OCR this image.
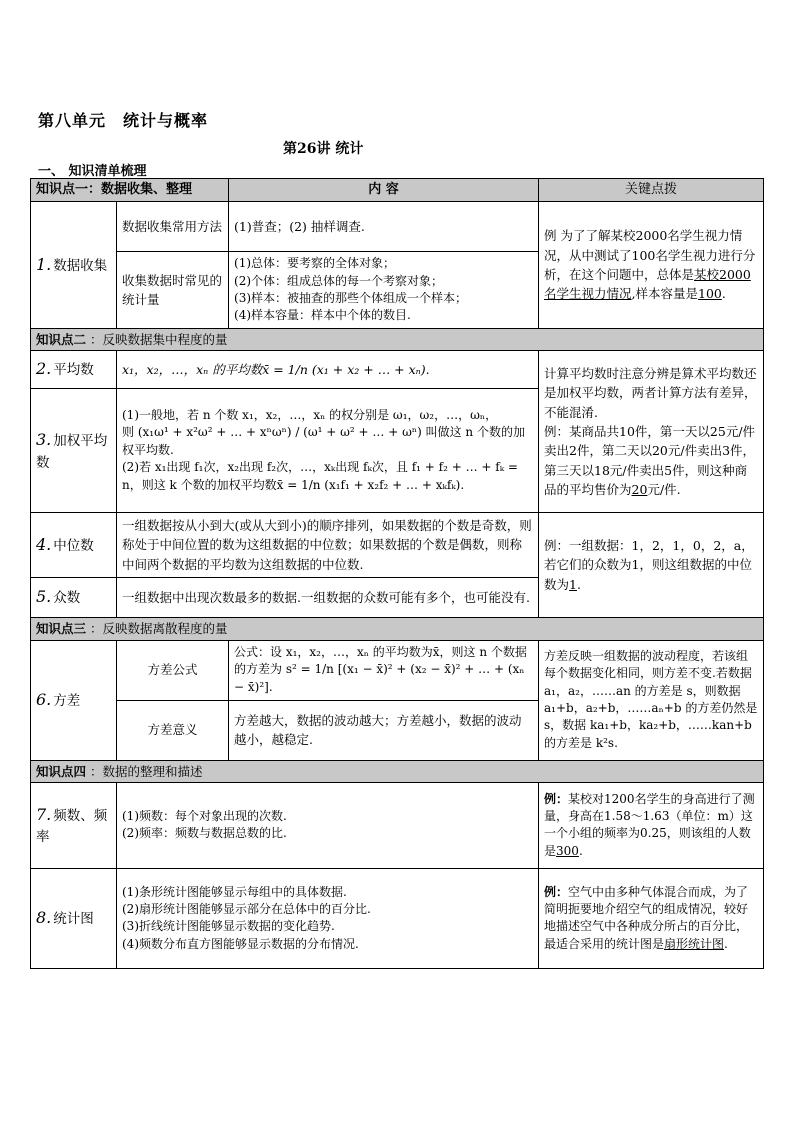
第八单元　统计与概率
第26讲 统计
一、 知识清单梳理
知识点一：数据收集、整理		内 容	关键点拨
1. 数据收集	数据收集常用方法	(1)普查；(2) 抽样调查.	例 为了了解某校2000名学生视力情况，从中测试了100名学生视力进行分析，在这个问题中，总体是某校2000名学生视力情况,样本容量是100.
	收集数据时常见的统计量	(1)总体：要考察的全体对象；
(2)个体：组成总体的每一个考察对象；
(3)样本：被抽查的那些个体组成一个样本；
(4)样本容量：样本中个体的数目.	

知识点二 ：反映数据集中程度的量			
2. 平均数	x₁，x₂，…，xₙ 的平均数x̄ = 1/n (x₁ + x₂ + … + xₙ).		计算平均数时注意分辨是算术平均数还是加权平均数，两者计算方法有差异，不能混淆.
例：某商品共10件，第一天以25元/件卖出2件，第二天以20元/件卖出3件，第三天以18元/件卖出5件，则这种商品的平均售价为20元/件.

3. 加权平均数	(1)一般地，若 n 个数 x₁，x₂，…，xₙ 的权分别是 ω₁，ω₂，…，ωₙ，
则 (x₁ω¹ + x²ω² + … + xⁿωⁿ) / (ω¹ + ω² + … + ωⁿ) 叫做这 n 个数的加权平均数.
(2)若 x₁出现 f₁次，x₂出现 f₂次，…，xₖ出现 fₖ次，且 f₁ + f₂ + … + fₖ =
n，则这 k 个数的加权平均数x̄ = 1/n (x₁f₁ + x₂f₂ + … + xₖfₖ).		

4. 中位数	一组数据按从小到大(或从大到小)的顺序排列，如果数据的个数是奇数，则称处于中间位置的数为这组数据的中位数；如果数据的个数是偶数，则称中间两个数据的平均数为这组数据的中位数.		例：一组数据：1，2，1，0，2，a，若它们的众数为1，则这组数据的中位数为1.
5. 众数	一组数据中出现次数最多的数据.一组数据的众数可能有多个，也可能没有.		
知识点三 ：反映数据离散程度的量			
6. 方差	方差公式	公式：设 x₁，x₂，…，xₙ 的平均数为x̄，则这 n 个数据
的方差为 s² = 1/n [(x₁ − x̄)² + (x₂ − x̄)² + … + (xₙ − x̄)²].	方差反映一组数据的波动程度，若该组每个数据变化相同，则方差不变.若数据 a₁，a₂，……an 的方差是 s，则数据 a₁+b，a₂+b，……aₙ+b 的方差仍然是 s，数据 ka₁+b，ka₂+b，……kan+b 的方差是 k²s.
	方差意义	方差越大，数据的波动越大；方差越小，数据的波动越小，越稳定.	
知识点四 ：数据的整理和描述			
7. 频数、频率	(1)频数：每个对象出现的次数.
(2)频率：频数与数据总数的比.		例：某校对1200名学生的身高进行了测量，身高在1.58～1.63（单位：m）这一个小组的频率为0.25，则该组的人数是300.
8. 统计图	(1)条形统计图能够显示每组中的具体数据.
(2)扇形统计图能够显示部分在总体中的百分比.
(3)折线统计图能够显示数据的变化趋势.
(4)频数分布直方图能够显示数据的分布情况.		例：空气中由多种气体混合而成，为了简明扼要地介绍空气的组成情况，较好地描述空气中各种成分所占的百分比，最适合采用的统计图是扇形统计图.
